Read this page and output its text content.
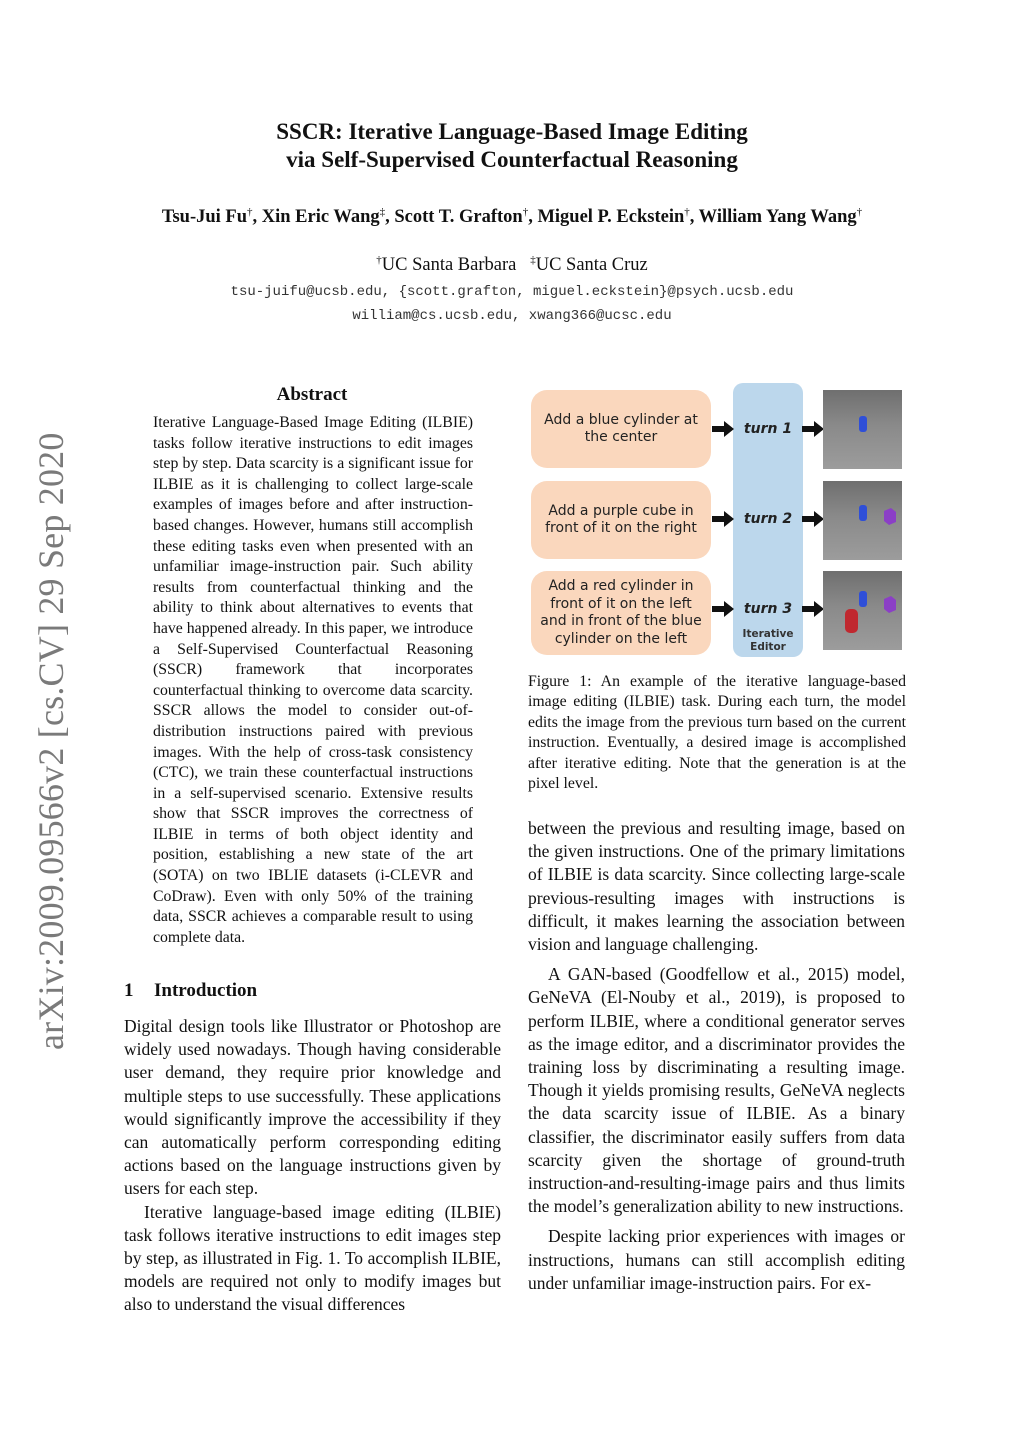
SSCR: Iterative Language-Based Image Editing
via Self-Supervised Counterfactual Reasoning
Tsu-Jui Fu†, Xin Eric Wang‡, Scott T. Grafton†, Miguel P. Eckstein†, William Yang Wang†
†UC Santa Barbara ‡UC Santa Cruz
tsu-juifu@ucsb.edu, {scott.grafton, miguel.eckstein}@psych.ucsb.edu
william@cs.ucsb.edu, xwang366@ucsc.edu
arXiv:2009.09566v2 [cs.CV] 29 Sep 2020
Abstract
Iterative Language-Based Image Editing (ILBIE) tasks follow iterative instructions to edit images step by step. Data scarcity is a significant issue for ILBIE as it is challenging to collect large-scale examples of images before and after instruction-based changes. However, humans still accomplish these editing tasks even when presented with an unfamiliar image-instruction pair. Such ability results from counterfactual thinking and the ability to think about alternatives to events that have happened already. In this paper, we introduce a Self-Supervised Counterfactual Reasoning (SSCR) framework that incorporates counterfactual thinking to overcome data scarcity. SSCR allows the model to consider out-of-distribution instructions paired with previous images. With the help of cross-task consistency (CTC), we train these counterfactual instructions in a self-supervised scenario. Extensive results show that SSCR improves the correctness of ILBIE in terms of both object identity and position, establishing a new state of the art (SOTA) on two IBLIE datasets (i-CLEVR and CoDraw). Even with only 50% of the training data, SSCR achieves a comparable result to using complete data.
1 Introduction

Digital design tools like Illustrator or Photoshop are widely used nowadays. Though having considerable user demand, they require prior knowledge and multiple steps to use successfully. These applications would significantly improve the accessibility if they can automatically perform corresponding editing actions based on the language instructions given by users for each step.

Iterative language-based image editing (ILBIE) task follows iterative instructions to edit images step by step, as illustrated in Fig. 1. To accomplish ILBIE, models are required not only to modify images but also to understand the visual differences

between the previous and resulting image, based on the given instructions. One of the primary limitations of ILBIE is data scarcity. Since collecting large-scale previous-resulting images with instructions is difficult, it makes learning the association between vision and language challenging.

A GAN-based (Goodfellow et al., 2015) model, GeNeVA (El-Nouby et al., 2019), is proposed to perform ILBIE, where a conditional generator serves as the image editor, and a discriminator provides the training loss by discriminating a resulting image. Though it yields promising results, GeNeVA neglects the data scarcity issue of ILBIE. As a binary classifier, the discriminator easily suffers from data scarcity given the shortage of ground-truth instruction-and-resulting-image pairs and thus limits the model’s generalization ability to new instructions.

Despite lacking prior experiences with images or instructions, humans can still accomplish editing under unfamiliar image-instruction pairs. For ex-

Add a blue cylinder at the center
Add a purple cube in front of it on the right
Add a red cylinder in front of it on the left and in front of the blue cylinder on the left
turn 1
turn 2
turn 3
Iterative Editor
Figure 1: An example of the iterative language-based image editing (ILBIE) task. During each turn, the model edits the image from the previous turn based on the current instruction. Eventually, a desired image is accomplished after iterative editing. Note that the generation is at the pixel level.
